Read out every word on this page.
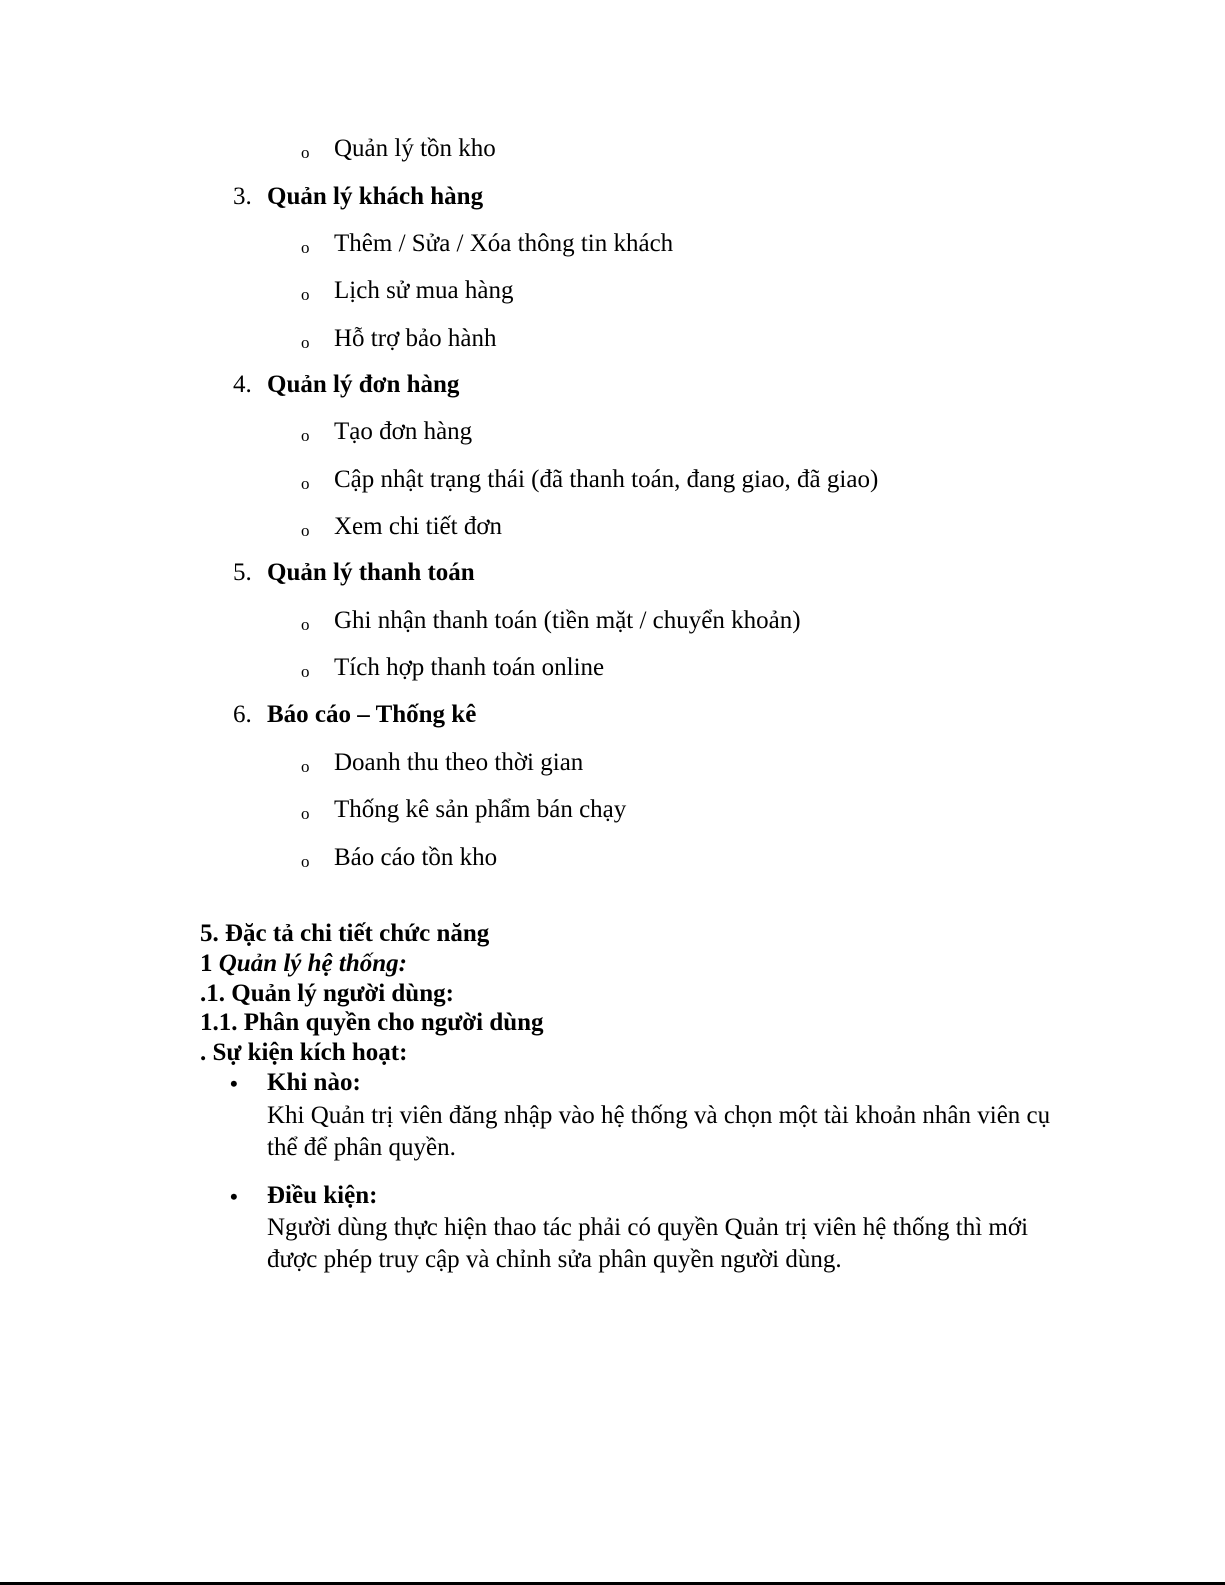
o Quản lý tồn kho
3. Quản lý khách hàng
o Thêm / Sửa / Xóa thông tin khách
o Lịch sử mua hàng
o Hỗ trợ bảo hành
4. Quản lý đơn hàng
o Tạo đơn hàng
o Cập nhật trạng thái (đã thanh toán, đang giao, đã giao)
o Xem chi tiết đơn
5. Quản lý thanh toán
o Ghi nhận thanh toán (tiền mặt / chuyển khoản)
o Tích hợp thanh toán online
6. Báo cáo – Thống kê
o Doanh thu theo thời gian
o Thống kê sản phẩm bán chạy
o Báo cáo tồn kho
5. Đặc tả chi tiết chức năng
1 Quản lý hệ thống:
.1. Quản lý người dùng:
1.1. Phân quyền cho người dùng
. Sự kiện kích hoạt:
• Khi nào:
Khi Quản trị viên đăng nhập vào hệ thống và chọn một tài khoản nhân viên cụ thể để phân quyền.
• Điều kiện:
Người dùng thực hiện thao tác phải có quyền Quản trị viên hệ thống thì mới được phép truy cập và chỉnh sửa phân quyền người dùng.
